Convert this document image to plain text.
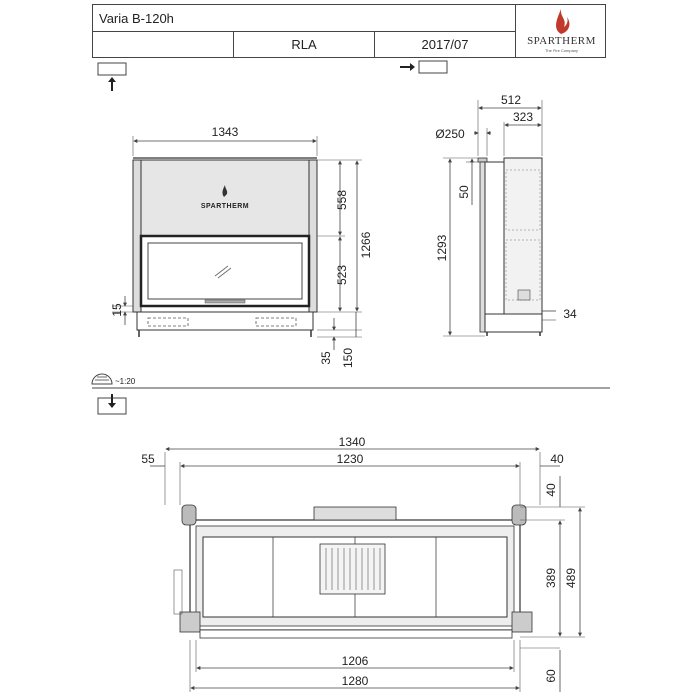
Varia B-120h
RLA	2017/07	SPARTHERM
The Fire Company
SPARTHERM
1343
558
523
1266
35 150
15
512
323
Ø250
1293
50
34
~1:20
1340
1230
55	40
40
389 489
1206
1280	60
